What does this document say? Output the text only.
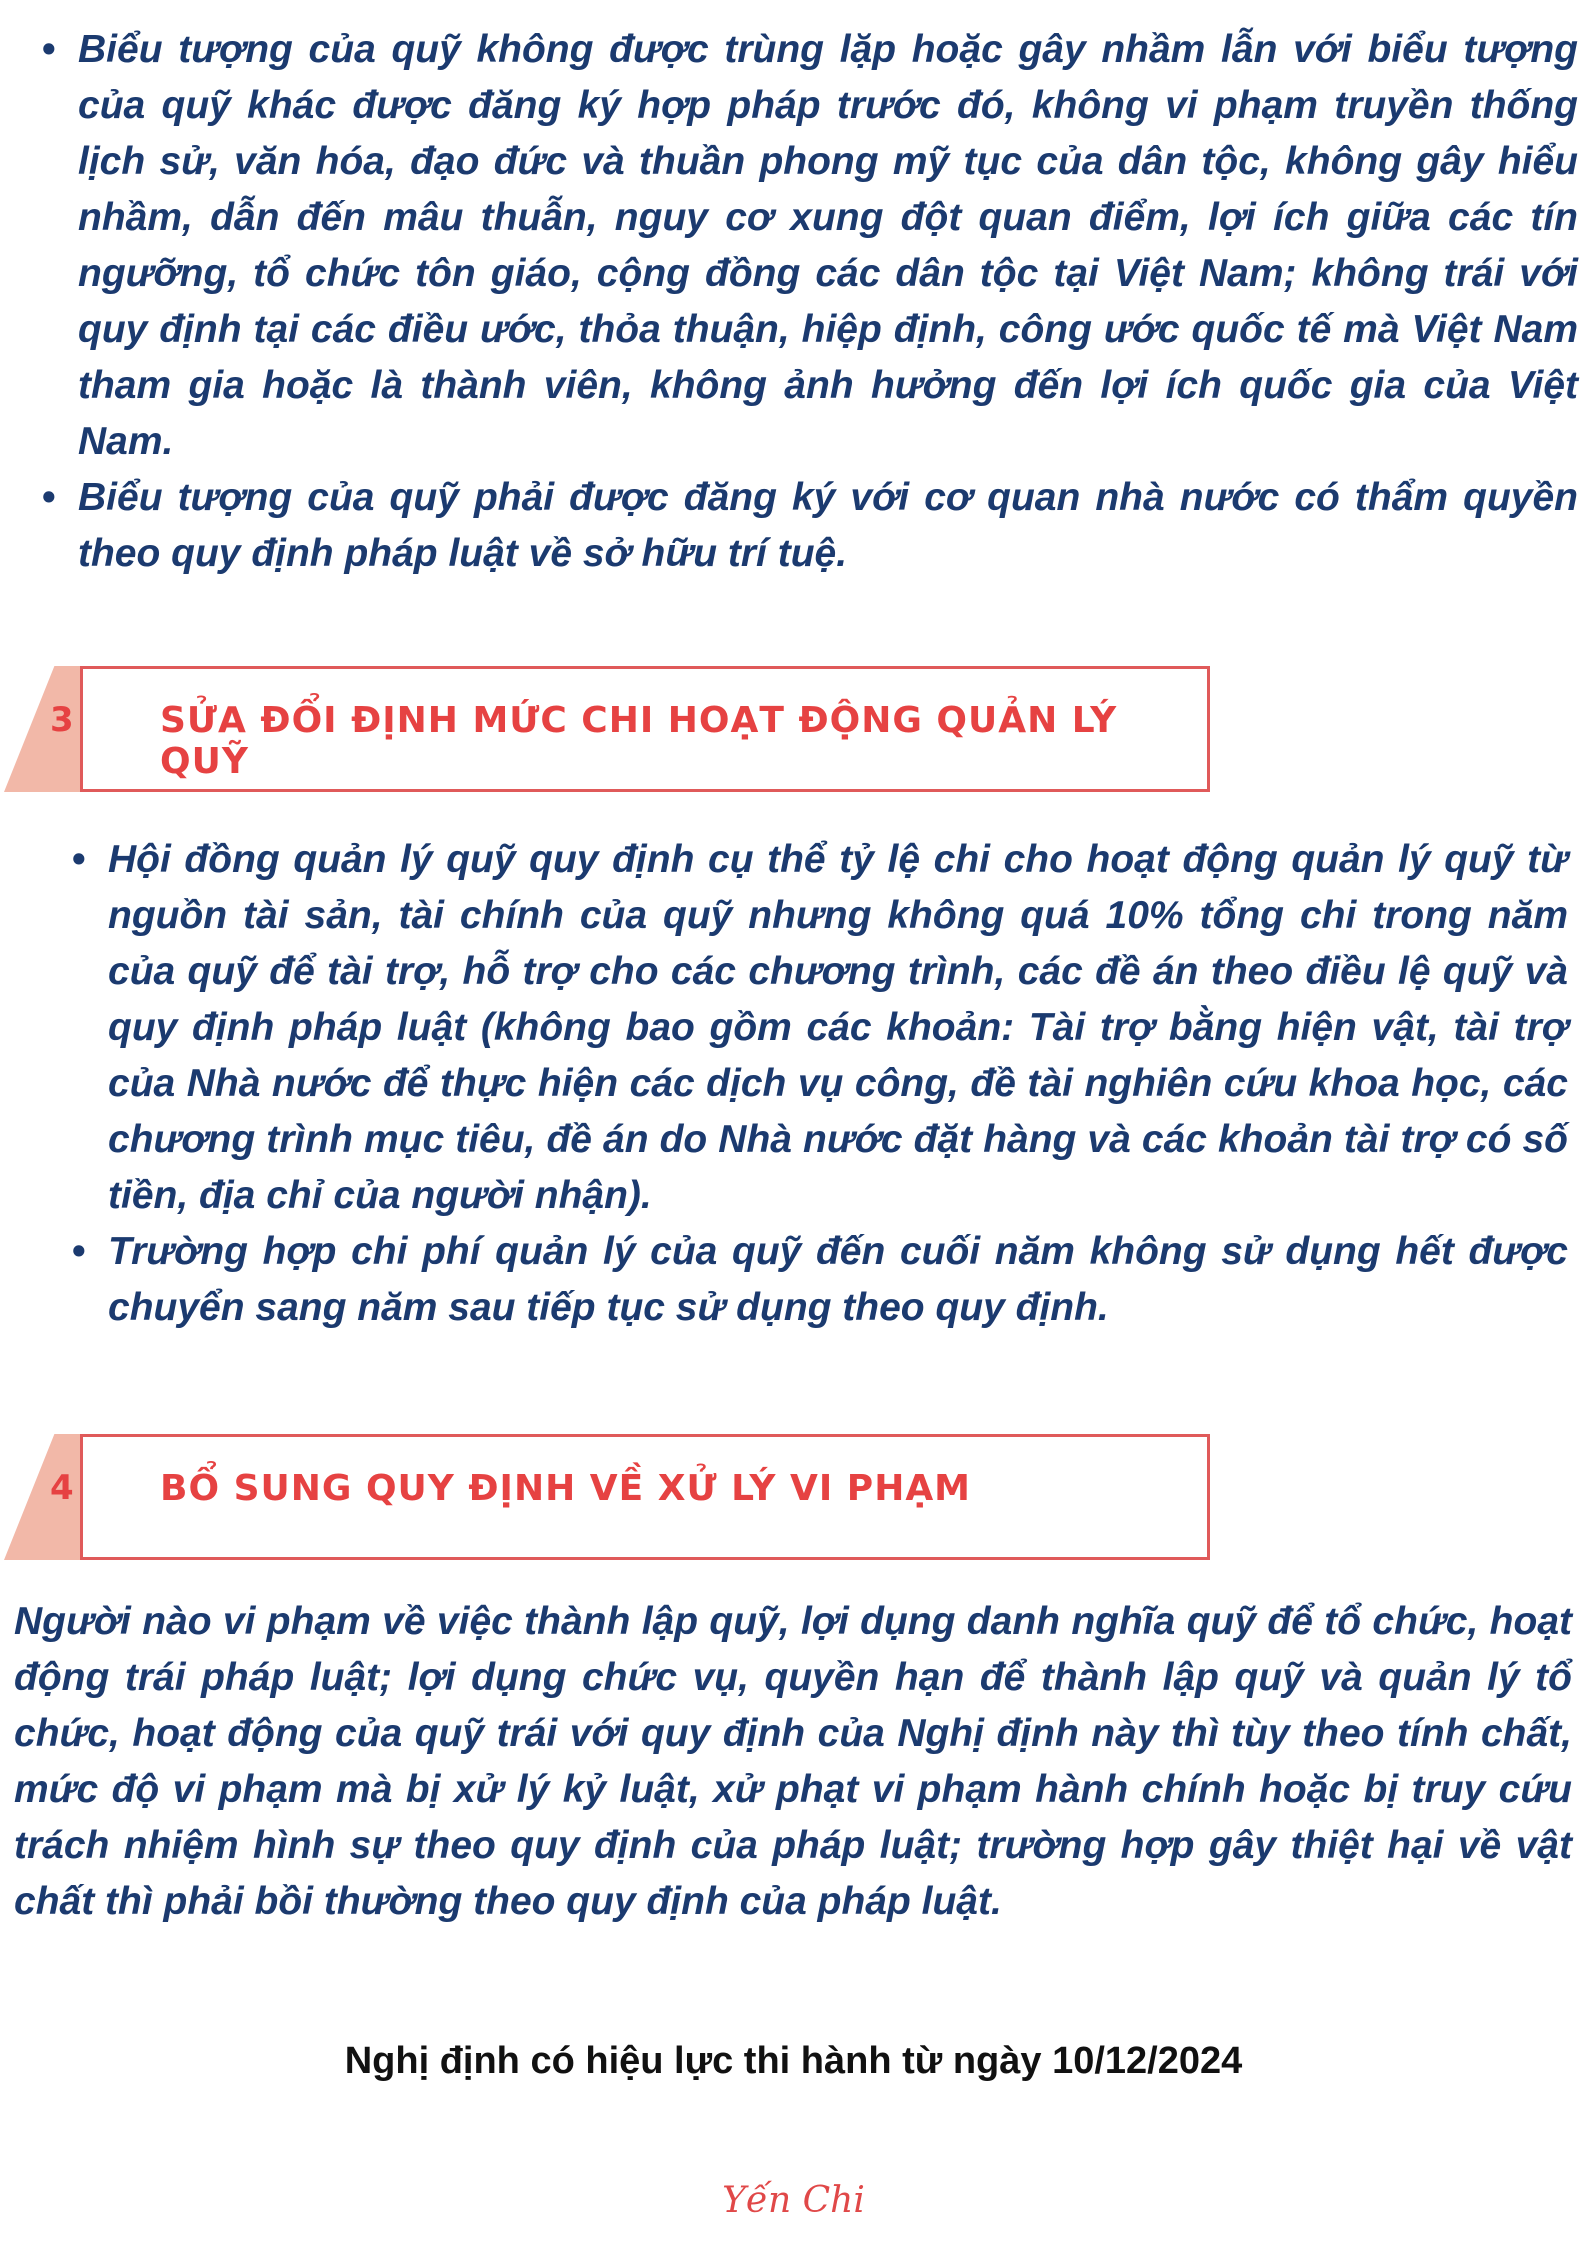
• Biểu tượng của quỹ không được trùng lặp hoặc gây nhầm lẫn với biểu tượng của quỹ khác được đăng ký hợp pháp trước đó, không vi phạm truyền thống lịch sử, văn hóa, đạo đức và thuần phong mỹ tục của dân tộc, không gây hiểu nhầm, dẫn đến mâu thuẫn, nguy cơ xung đột quan điểm, lợi ích giữa các tín ngưỡng, tổ chức tôn giáo, cộng đồng các dân tộc tại Việt Nam; không trái với quy định tại các điều ước, thỏa thuận, hiệp định, công ước quốc tế mà Việt Nam tham gia hoặc là thành viên, không ảnh hưởng đến lợi ích quốc gia của Việt Nam.
• Biểu tượng của quỹ phải được đăng ký với cơ quan nhà nước có thẩm quyền theo quy định pháp luật về sở hữu trí tuệ.
3 SỬA ĐỔI ĐỊNH MỨC CHI HOẠT ĐỘNG QUẢN LÝ QUỸ
• Hội đồng quản lý quỹ quy định cụ thể tỷ lệ chi cho hoạt động quản lý quỹ từ nguồn tài sản, tài chính của quỹ nhưng không quá 10% tổng chi trong năm của quỹ để tài trợ, hỗ trợ cho các chương trình, các đề án theo điều lệ quỹ và quy định pháp luật (không bao gồm các khoản: Tài trợ bằng hiện vật, tài trợ của Nhà nước để thực hiện các dịch vụ công, đề tài nghiên cứu khoa học, các chương trình mục tiêu, đề án do Nhà nước đặt hàng và các khoản tài trợ có số tiền, địa chỉ của người nhận).
• Trường hợp chi phí quản lý của quỹ đến cuối năm không sử dụng hết được chuyển sang năm sau tiếp tục sử dụng theo quy định.
4 BỔ SUNG QUY ĐỊNH VỀ XỬ LÝ VI PHẠM

Người nào vi phạm về việc thành lập quỹ, lợi dụng danh nghĩa quỹ để tổ chức, hoạt động trái pháp luật; lợi dụng chức vụ, quyền hạn để thành lập quỹ và quản lý tổ chức, hoạt động của quỹ trái với quy định của Nghị định này thì tùy theo tính chất, mức độ vi phạm mà bị xử lý kỷ luật, xử phạt vi phạm hành chính hoặc bị truy cứu trách nhiệm hình sự theo quy định của pháp luật; trường hợp gây thiệt hại về vật chất thì phải bồi thường theo quy định của pháp luật.

Nghị định có hiệu lực thi hành từ ngày 10/12/2024
Yến Chi
